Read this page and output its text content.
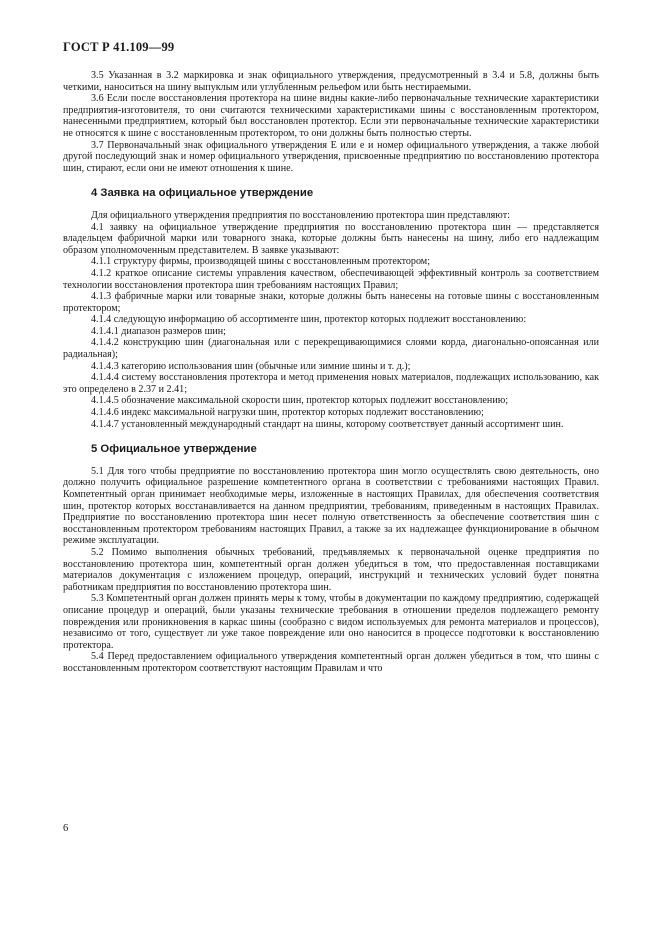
ГОСТ Р 41.109—99

3.5 Указанная в 3.2 маркировка и знак официального утверждения, предусмотренный в 3.4 и 5.8, должны быть четкими, наноситься на шину выпуклым или углубленным рельефом или быть нестираемыми.

3.6 Если после восстановления протектора на шине видны какие-либо первоначальные технические характеристики предприятия-изготовителя, то они считаются техническими характеристиками шины с восстановленным протектором, нанесенными предприятием, который был восстановлен протектор. Если эти первоначальные технические характеристики не относятся к шине с восстановленным протектором, то они должны быть полностью стерты.

3.7 Первоначальный знак официального утверждения E или e и номер официального утверждения, а также любой другой последующий знак и номер официального утверждения, присвоенные предприятию по восстановлению протектора шин, стирают, если они не имеют отношения к шине.

4 Заявка на официальное утверждение

Для официального утверждения предприятия по восстановлению протектора шин представляют:

4.1 заявку на официальное утверждение предприятия по восстановлению протектора шин — представляется владельцем фабричной марки или товарного знака, которые должны быть нанесены на шину, либо его надлежащим образом уполномоченным представителем. В заявке указывают:

4.1.1 структуру фирмы, производящей шины с восстановленным протектором;

4.1.2 краткое описание системы управления качеством, обеспечивающей эффективный контроль за соответствием технологии восстановления протектора шин требованиям настоящих Правил;

4.1.3 фабричные марки или товарные знаки, которые должны быть нанесены на готовые шины с восстановленным протектором;

4.1.4 следующую информацию об ассортименте шин, протектор которых подлежит восстановлению:

4.1.4.1 диапазон размеров шин;

4.1.4.2 конструкцию шин (диагональная или с перекрещивающимися слоями корда, диагонально-опоясанная или радиальная);

4.1.4.3 категорию использования шин (обычные или зимние шины и т. д.);

4.1.4.4 систему восстановления протектора и метод применения новых материалов, подлежащих использованию, как это определено в 2.37 и 2.41;

4.1.4.5 обозначение максимальной скорости шин, протектор которых подлежит восстановлению;

4.1.4.6 индекс максимальной нагрузки шин, протектор которых подлежит восстановлению;

4.1.4.7 установленный международный стандарт на шины, которому соответствует данный ассортимент шин.

5 Официальное утверждение

5.1 Для того чтобы предприятие по восстановлению протектора шин могло осуществлять свою деятельность, оно должно получить официальное разрешение компетентного органа в соответствии с требованиями настоящих Правил. Компетентный орган принимает необходимые меры, изложенные в настоящих Правилах, для обеспечения соответствия шин, протектор которых восстанавливается на данном предприятии, требованиям, приведенным в настоящих Правилах. Предприятие по восстановлению протектора шин несет полную ответственность за обеспечение соответствия шин с восстановленным протектором требованиям настоящих Правил, а также за их надлежащее функционирование в обычном режиме эксплуатации.

5.2 Помимо выполнения обычных требований, предъявляемых к первоначальной оценке предприятия по восстановлению протектора шин, компетентный орган должен убедиться в том, что предоставленная поставщиками материалов документация с изложением процедур, операций, инструкций и технических условий будет понятна работникам предприятия по восстановлению протектора шин.

5.3 Компетентный орган должен принять меры к тому, чтобы в документации по каждому предприятию, содержащей описание процедур и операций, были указаны технические требования в отношении пределов подлежащего ремонту повреждения или проникновения в каркас шины (сообразно с видом используемых для ремонта материалов и процессов), независимо от того, существует ли уже такое повреждение или оно наносится в процессе подготовки к восстановлению протектора.

5.4 Перед предоставлением официального утверждения компетентный орган должен убедиться в том, что шины с восстановленным протектором соответствуют настоящим Правилам и что

6
